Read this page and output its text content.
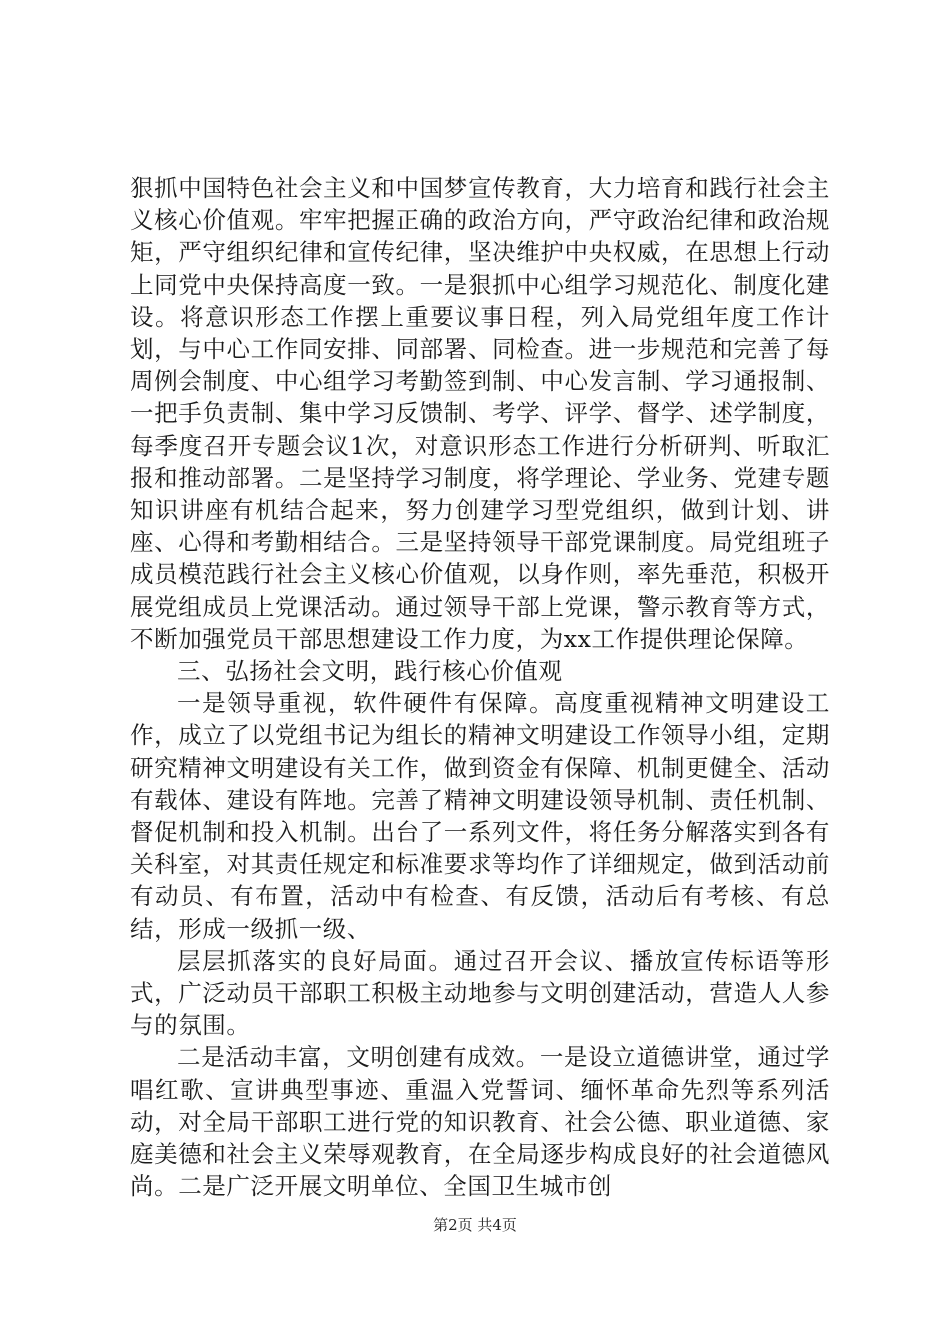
狠抓中国特色社会主义和中国梦宣传教育，大力培育和践行社会主义核心价值观。牢牢把握正确的政治方向，严守政治纪律和政治规矩，严守组织纪律和宣传纪律，坚决维护中央权威，在思想上行动上同党中央保持高度一致。一是狠抓中心组学习规范化、制度化建设。将意识形态工作摆上重要议事日程，列入局党组年度工作计划，与中心工作同安排、同部署、同检查。进一步规范和完善了每周例会制度、中心组学习考勤签到制、中心发言制、学习通报制、一把手负责制、集中学习反馈制、考学、评学、督学、述学制度，每季度召开专题会议1次，对意识形态工作进行分析研判、听取汇报和推动部署。二是坚持学习制度，将学理论、学业务、党建专题知识讲座有机结合起来，努力创建学习型党组织，做到计划、讲座、心得和考勤相结合。三是坚持领导干部党课制度。局党组班子成员模范践行社会主义核心价值观，以身作则，率先垂范，积极开展党组成员上党课活动。通过领导干部上党课，警示教育等方式，不断加强党员干部思想建设工作力度，为xx工作提供理论保障。

三、弘扬社会文明，践行核心价值观

一是领导重视，软件硬件有保障。高度重视精神文明建设工作，成立了以党组书记为组长的精神文明建设工作领导小组，定期研究精神文明建设有关工作，做到资金有保障、机制更健全、活动有载体、建设有阵地。完善了精神文明建设领导机制、责任机制、督促机制和投入机制。出台了一系列文件，将任务分解落实到各有关科室，对其责任规定和标准要求等均作了详细规定，做到活动前有动员、有布置，活动中有检查、有反馈，活动后有考核、有总结，形成一级抓一级、

层层抓落实的良好局面。通过召开会议、播放宣传标语等形式，广泛动员干部职工积极主动地参与文明创建活动，营造人人参与的氛围。

二是活动丰富，文明创建有成效。一是设立道德讲堂，通过学唱红歌、宣讲典型事迹、重温入党誓词、缅怀革命先烈等系列活动，对全局干部职工进行党的知识教育、社会公德、职业道德、家庭美德和社会主义荣辱观教育，在全局逐步构成良好的社会道德风尚。二是广泛开展文明单位、全国卫生城市创

第2页 共4页
